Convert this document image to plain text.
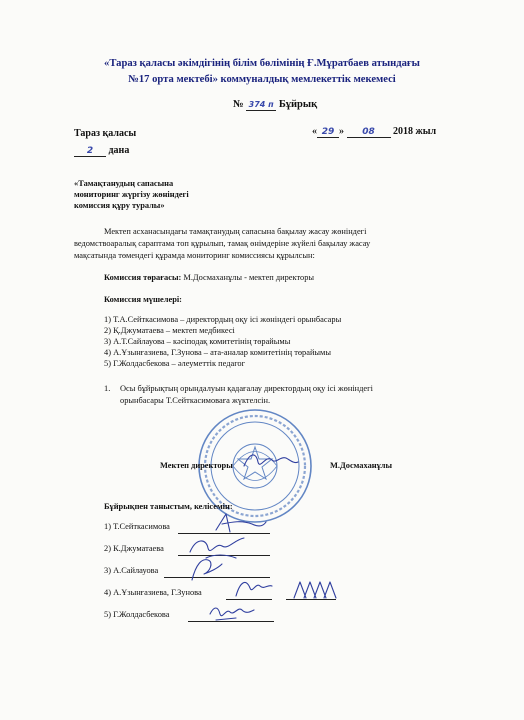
«Тараз қаласы әкімдігінің білім бөлімінің Ғ.Мұратбаев атындағы
№17 орта мектебі» коммуналдық мемлекеттік мекемесі
№ 374 п Бұйрық
Тараз қаласы	« 29 » 08 2018 жыл
2 дана
«Тамақтанудың сапасына
мониторинг жүргізу жөніндегі
комиссия құру туралы»
Мектеп асханасындағы тамақтанудың сапасына бақылау жасау жөніндегі
ведомствоаралық сарaптама топ құрылып, тамақ өнімдеріне жүйелі бақылау жасау
мақсатында төмендегі құрамда мониторинг комиссиясы құрылсын:
Комиссия төрағасы: М.Досмаханұлы - мектеп директоры
Комиссия мүшелері:
1) Т.А.Сейткасимова – директордың оқу ісі жөніндегі орынбасары
2) Қ.Джуматаева – мектеп медбикесі
3) А.Т.Сайлауова – кәсіподақ комитетінің төрайымы
4) А.Ұзынғазиева, Г.Зунова – ата-аналар комитетінің төрайымы
5) Г.Жолдасбекова – әлеуметтік педагог
1. Осы бұйрықтың орындалуын қадағалау директордың оқу ісі жөніндегі
орынбасары Т.Сейткасимоваға жүктелсін.
Мектеп директоры	М.Досмаханұлы
Бұйрықпен таныстым, келісемін:
1) Т.Сейткасимова
2) К.Джуматаева
3) А.Сайлауова
4) А.Ұзынғазиева, Г.Зунова
5) Г.Жолдасбекова
